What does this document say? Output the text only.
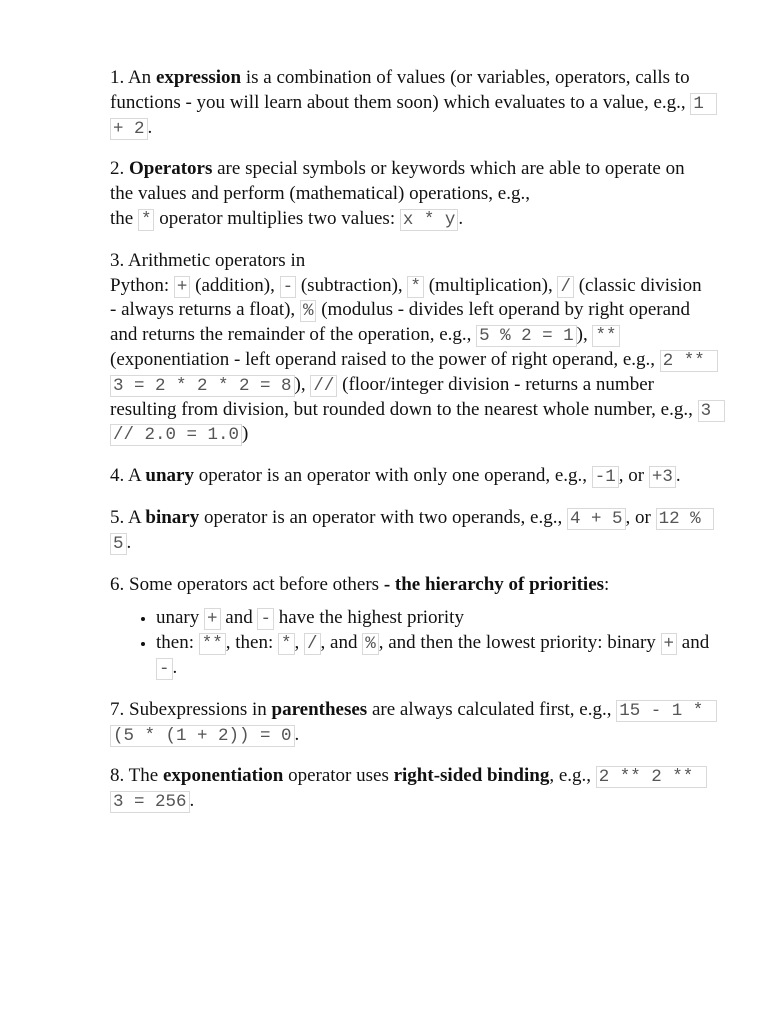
1. An expression is a combination of values (or variables, operators, calls to functions - you will learn about them soon) which evaluates to a value, e.g., 1 + 2 .

2. Operators are special symbols or keywords which are able to operate on the values and perform (mathematical) operations, e.g.,
the * operator multiplies two values: x * y .

3. Arithmetic operators in
Python: + (addition), - (subtraction), * (multiplication), / (classic division - always returns a float), % (modulus - divides left operand by right operand and returns the remainder of the operation, e.g., 5 % 2 = 1 ), ** (exponentiation - left operand raised to the power of right operand, e.g., 2 ** 3 = 2 * 2 * 2 = 8 ), // (floor/integer division - returns a number resulting from division, but rounded down to the nearest whole number, e.g., 3 // 2.0 = 1.0 )

4. A unary operator is an operator with only one operand, e.g., -1 , or +3 .

5. A binary operator is an operator with two operands, e.g., 4 + 5 , or 12 % 5 .

6. Some operators act before others - the hierarchy of priorities:

• unary + and - have the highest priority
• then: ** , then: * , / , and % , and then the lowest priority: binary + and - .

7. Subexpressions in parentheses are always calculated first, e.g., 15 - 1 * (5 * (1 + 2)) = 0 .

8. The exponentiation operator uses right-sided binding, e.g., 2 ** 2 ** 3 = 256 .
